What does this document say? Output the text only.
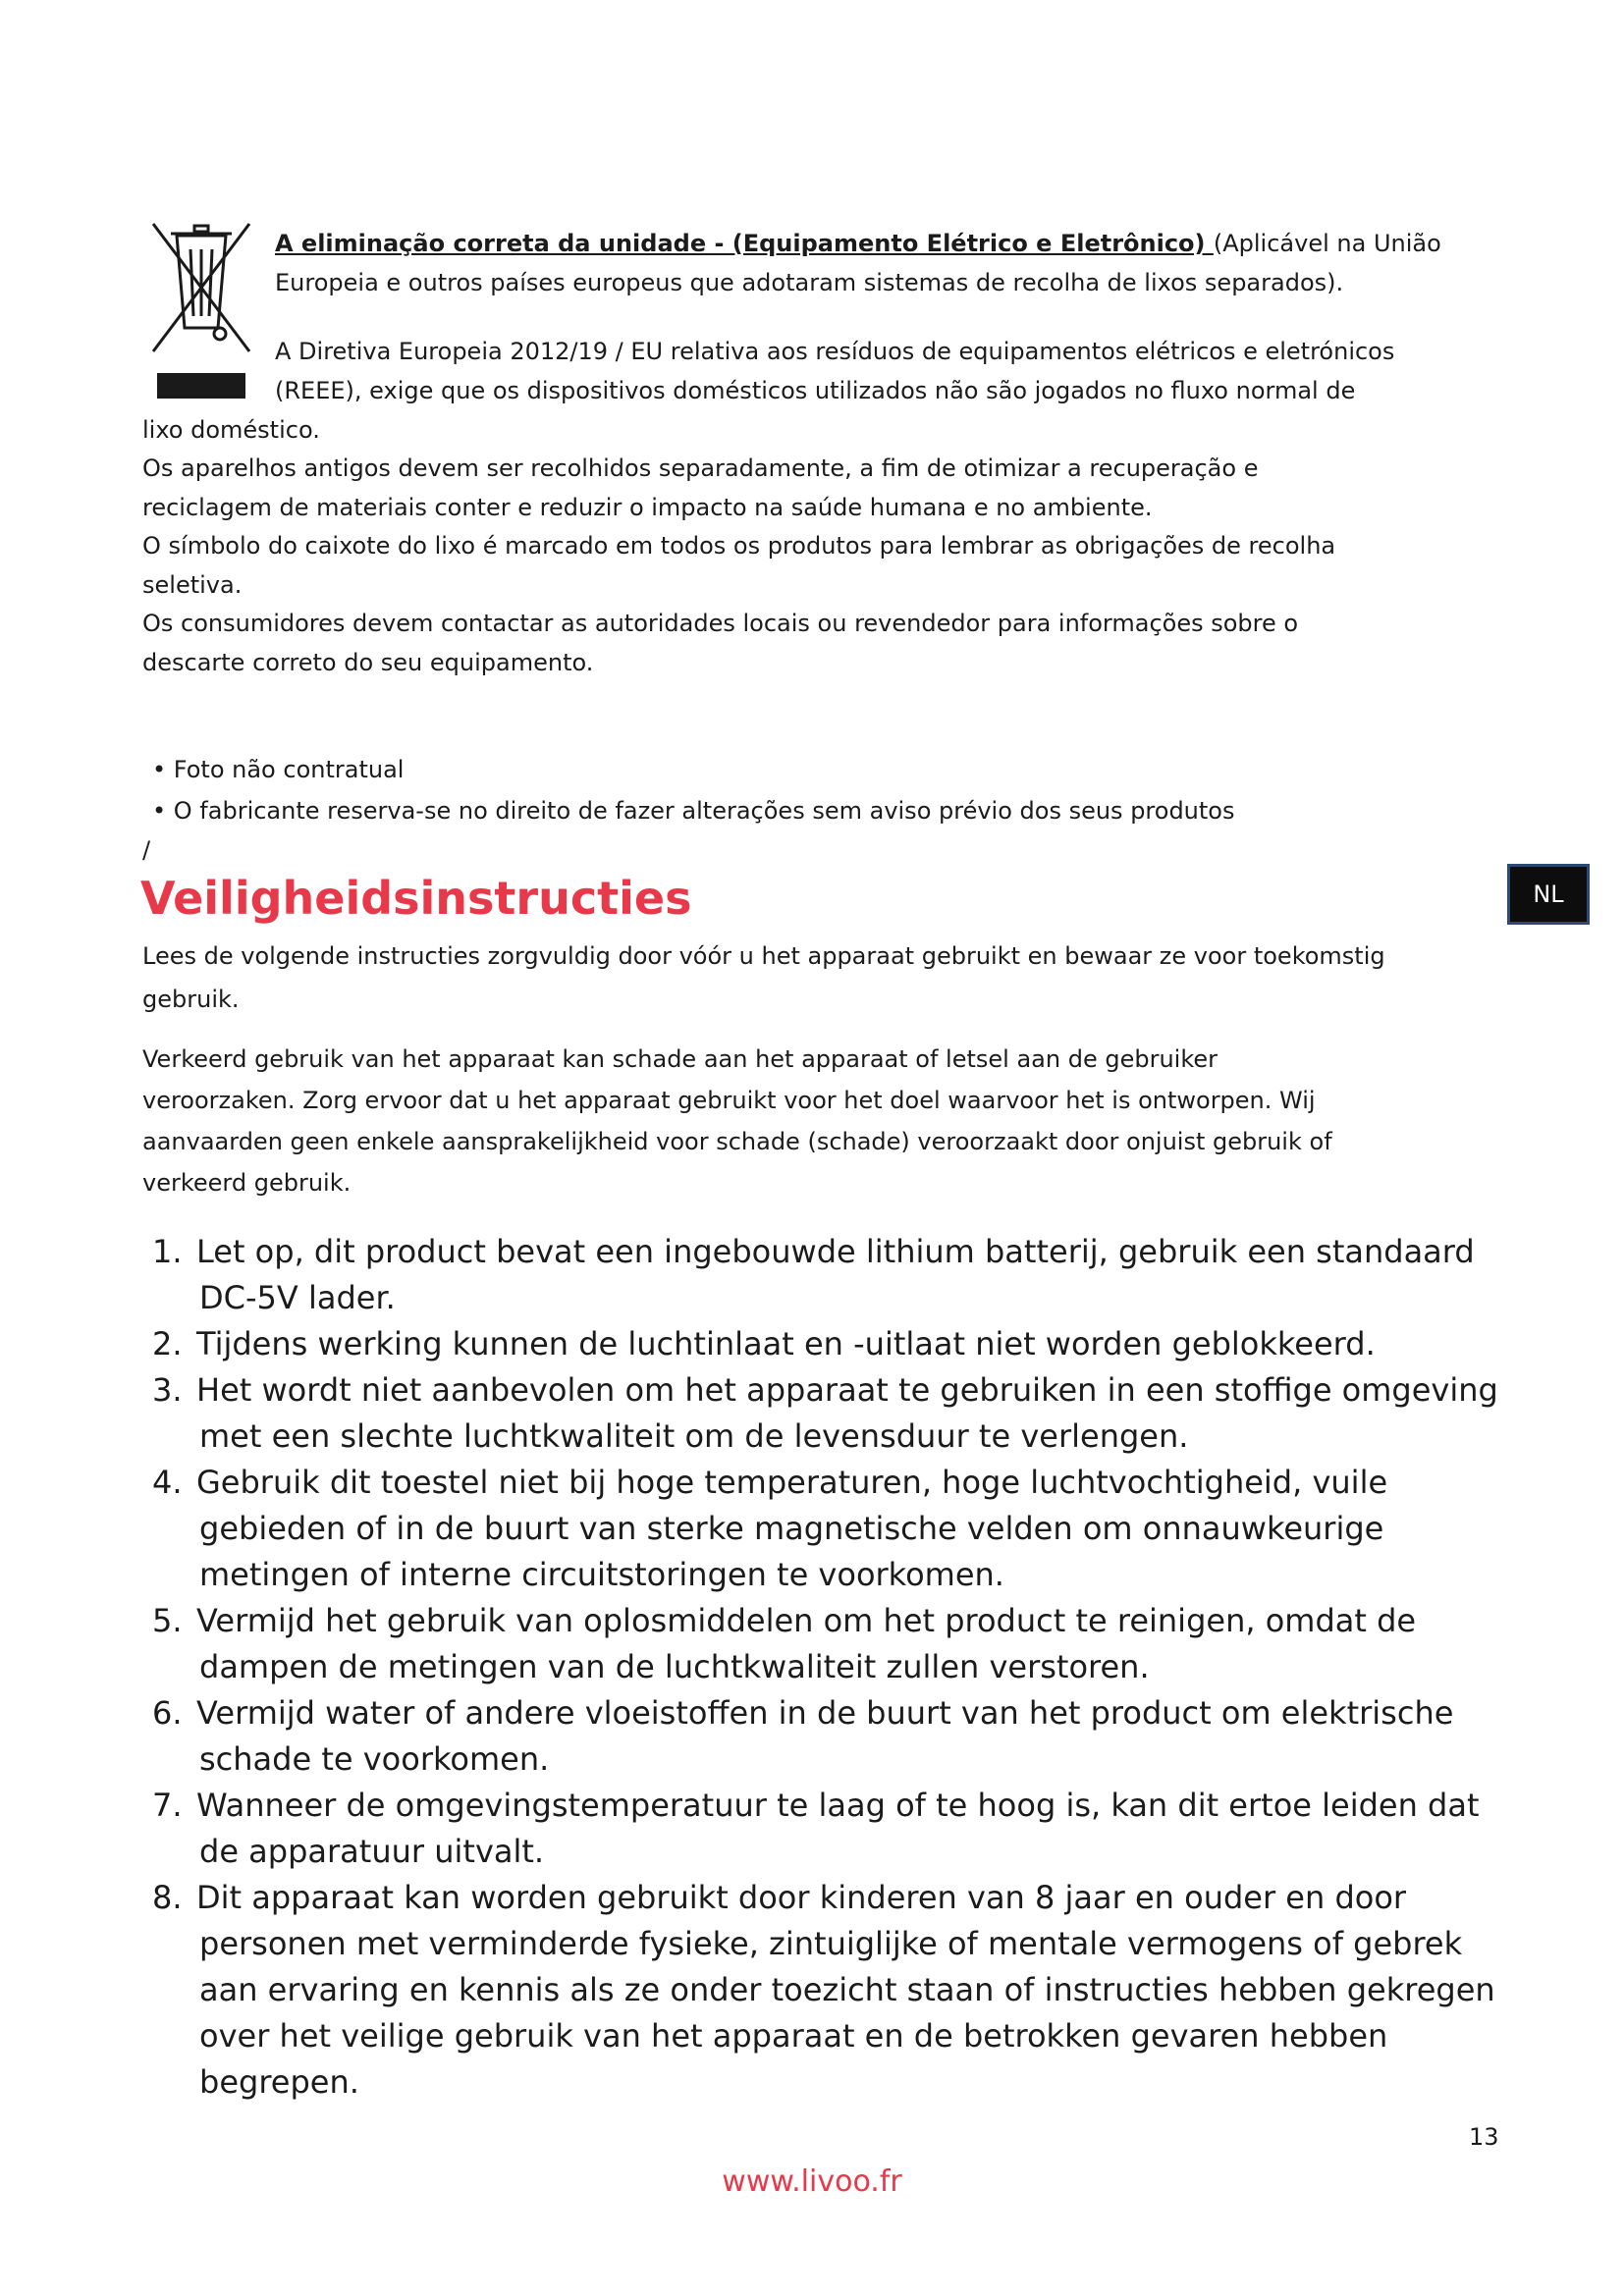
A eliminação correta da unidade - (Equipamento Elétrico e Eletrônico) (Aplicável na União
Europeia e outros países europeus que adotaram sistemas de recolha de lixos separados).
A Diretiva Europeia 2012/19 / EU relativa aos resíduos de equipamentos elétricos e eletrónicos
(REEE), exige que os dispositivos domésticos utilizados não são jogados no fluxo normal de
lixo doméstico.
Os aparelhos antigos devem ser recolhidos separadamente, a fim de otimizar a recuperação e
reciclagem de materiais conter e reduzir o impacto na saúde humana e no ambiente.
O símbolo do caixote do lixo é marcado em todos os produtos para lembrar as obrigações de recolha
seletiva.
Os consumidores devem contactar as autoridades locais ou revendedor para informações sobre o
descarte correto do seu equipamento.
• Foto não contratual
• O fabricante reserva-se no direito de fazer alterações sem aviso prévio dos seus produtos
/
Veiligheidsinstructies	NL
Lees de volgende instructies zorgvuldig door vóór u het apparaat gebruikt en bewaar ze voor toekomstig
gebruik.
Verkeerd gebruik van het apparaat kan schade aan het apparaat of letsel aan de gebruiker
veroorzaken. Zorg ervoor dat u het apparaat gebruikt voor het doel waarvoor het is ontworpen. Wij
aanvaarden geen enkele aansprakelijkheid voor schade (schade) veroorzaakt door onjuist gebruik of
verkeerd gebruik.
1. Let op, dit product bevat een ingebouwde lithium batterij, gebruik een standaard
DC-5V lader.
2. Tijdens werking kunnen de luchtinlaat en -uitlaat niet worden geblokkeerd.
3. Het wordt niet aanbevolen om het apparaat te gebruiken in een stoffige omgeving
met een slechte luchtkwaliteit om de levensduur te verlengen.
4. Gebruik dit toestel niet bij hoge temperaturen, hoge luchtvochtigheid, vuile
gebieden of in de buurt van sterke magnetische velden om onnauwkeurige
metingen of interne circuitstoringen te voorkomen.
5. Vermijd het gebruik van oplosmiddelen om het product te reinigen, omdat de
dampen de metingen van de luchtkwaliteit zullen verstoren.
6. Vermijd water of andere vloeistoffen in de buurt van het product om elektrische
schade te voorkomen.
7. Wanneer de omgevingstemperatuur te laag of te hoog is, kan dit ertoe leiden dat
de apparatuur uitvalt.
8. Dit apparaat kan worden gebruikt door kinderen van 8 jaar en ouder en door
personen met verminderde fysieke, zintuiglijke of mentale vermogens of gebrek
aan ervaring en kennis als ze onder toezicht staan of instructies hebben gekregen
over het veilige gebruik van het apparaat en de betrokken gevaren hebben
begrepen.
13
www.livoo.fr
